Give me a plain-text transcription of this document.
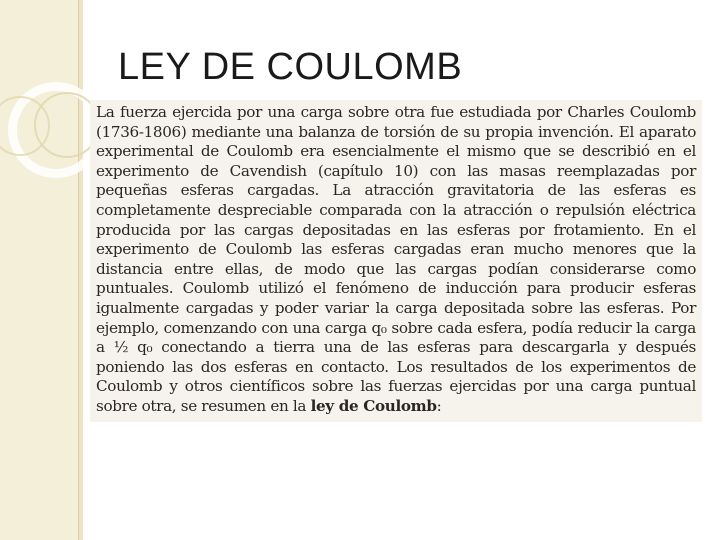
LEY DE COULOMB

La fuerza ejercida por una carga sobre otra fue estudiada por Charles Coulomb (1736-1806) mediante una balanza de torsión de su propia invención. El aparato experimental de Coulomb era esencialmente el mismo que se describió en el experimento de Cavendish (capítulo 10) con las masas reemplazadas por pequeñas esferas cargadas. La atracción gravitatoria de las esferas es completamente despreciable comparada con la atracción o repulsión eléctrica producida por las cargas depositadas en las esferas por frotamiento. En el experimento de Coulomb las esferas cargadas eran mucho menores que la distancia entre ellas, de modo que las cargas podían considerarse como puntuales. Coulomb utilizó el fenómeno de inducción para producir esferas igualmente cargadas y poder variar la carga depositada sobre las esferas. Por ejemplo, comenzando con una carga q₀ sobre cada esfera, podía reducir la carga a ½ q₀ conectando a tierra una de las esferas para descargarla y después poniendo las dos esferas en contacto. Los resultados de los experimentos de Coulomb y otros científicos sobre las fuerzas ejercidas por una carga puntual sobre otra, se resumen en la ley de Coulomb:
